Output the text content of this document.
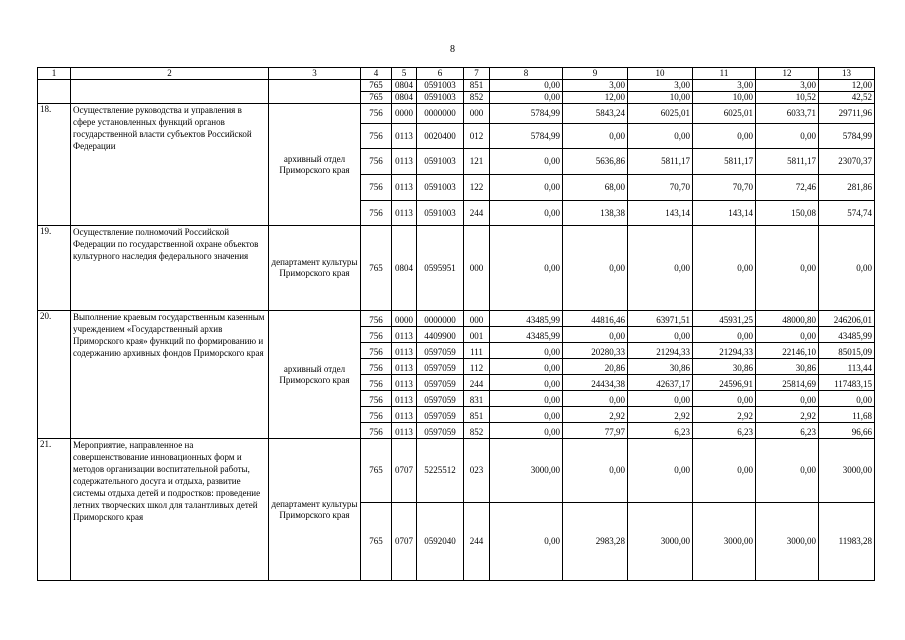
8
1	2	3	4	5	6	7	8	9	10	11	12	13
			765	0804	0591003	851	0,00	3,00	3,00	3,00	3,00	12,00
			765	0804	0591003	852	0,00	12,00	10,00	10,00	10,52	42,52
18.	Осуществление руководства и управления в сфере установленных функций органов государственной власти субъектов Российской Федерации	архивный отдел Приморского края	756	0000	0000000	000	5784,99	5843,24	6025,01	6025,01	6033,71	29711,96
			756	0113	0020400	012	5784,99	0,00	0,00	0,00	0,00	5784,99
			756	0113	0591003	121	0,00	5636,86	5811,17	5811,17	5811,17	23070,37
			756	0113	0591003	122	0,00	68,00	70,70	70,70	72,46	281,86
			756	0113	0591003	244	0,00	138,38	143,14	143,14	150,08	574,74
19.	Осуществление полномочий Российской Федерации по государственной охране объектов культурного наследия федерального значения	департамент культуры Приморского края	765	0804	0595951	000	0,00	0,00	0,00	0,00	0,00	0,00
20.	Выполнение краевым государственным казенным учреждением «Государственный архив Приморского края» функций по формированию и содержанию архивных фондов Приморского края	архивный отдел Приморского края	756	0000	0000000	000	43485,99	44816,46	63971,51	45931,25	48000,80	246206,01
			756	0113	4409900	001	43485,99	0,00	0,00	0,00	0,00	43485,99
			756	0113	0597059	111	0,00	20280,33	21294,33	21294,33	22146,10	85015,09
			756	0113	0597059	112	0,00	20,86	30,86	30,86	30,86	113,44
			756	0113	0597059	244	0,00	24434,38	42637,17	24596,91	25814,69	117483,15
			756	0113	0597059	831	0,00	0,00	0,00	0,00	0,00	0,00
			756	0113	0597059	851	0,00	2,92	2,92	2,92	2,92	11,68
			756	0113	0597059	852	0,00	77,97	6,23	6,23	6,23	96,66
21.	Мероприятие, направленное на совершенствование инновационных форм и методов организации воспитательной работы, содержательного досуга и отдыха, развитие системы отдыха детей и подростков: проведение летних творческих школ для талантливых детей Приморского края	департамент культуры Приморского края	765	0707	5225512	023	3000,00	0,00	0,00	0,00	0,00	3000,00
			765	0707	0592040	244	0,00	2983,28	3000,00	3000,00	3000,00	11983,28
